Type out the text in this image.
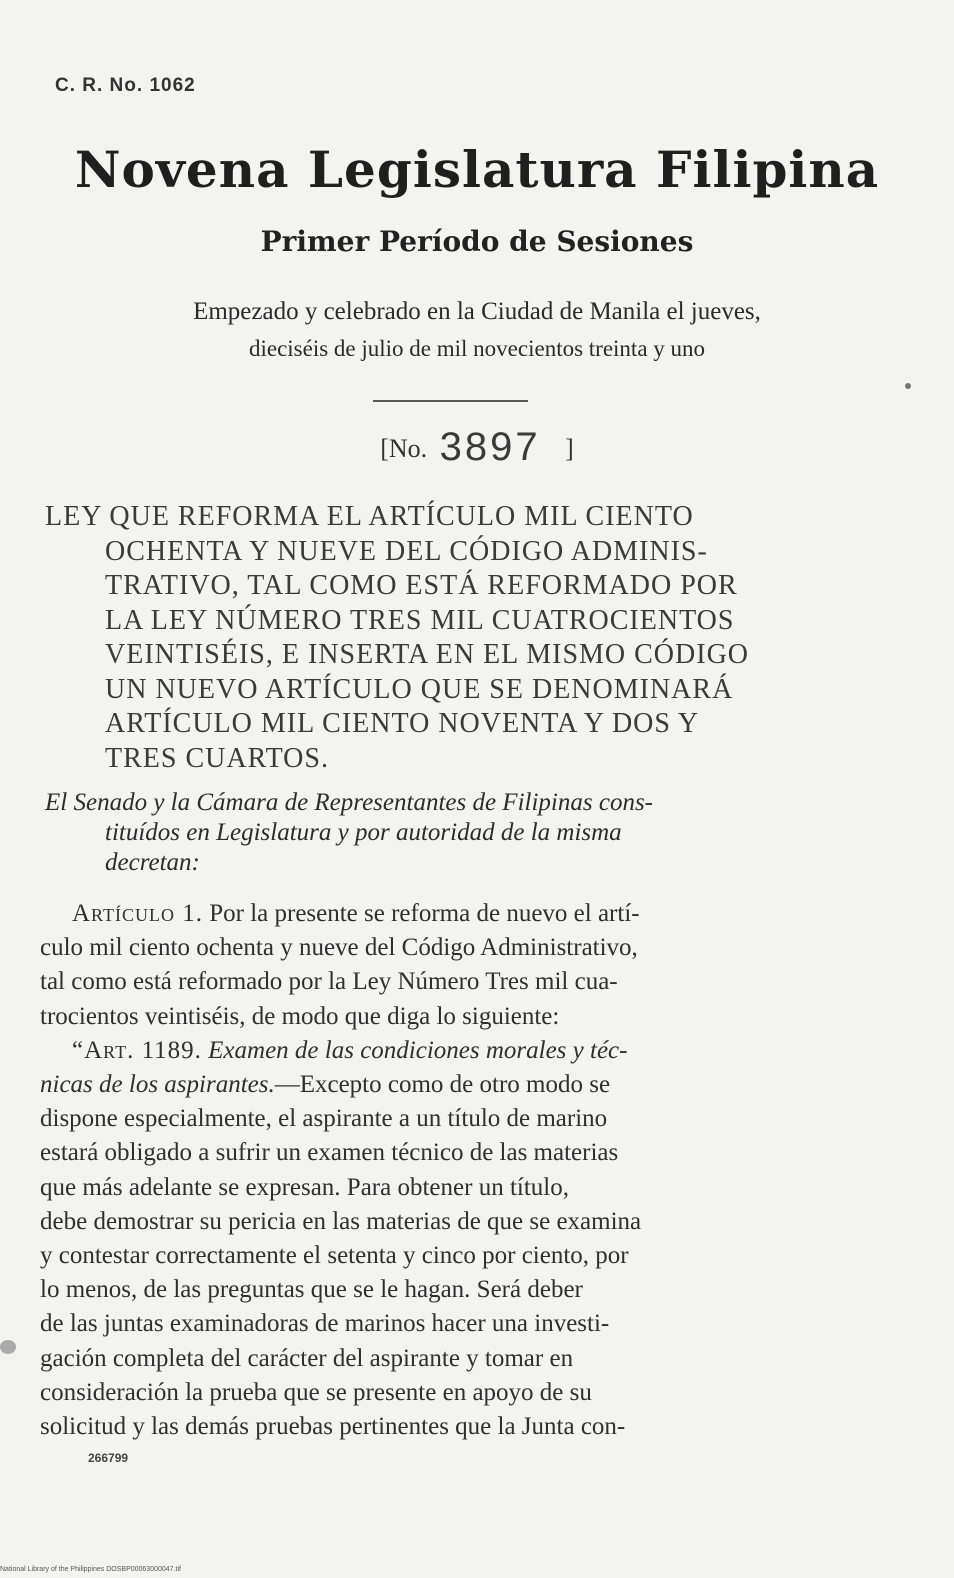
C. R. No. 1062
Novena Legislatura Filipina
Primer Período de Sesiones
Empezado y celebrado en la Ciudad de Manila el jueves,
dieciséis de julio de mil novecientos treinta y uno
[No. 3897 ]
LEY QUE REFORMA EL ARTÍCULO MIL CIENTO
OCHENTA Y NUEVE DEL CÓDIGO ADMINIS-
TRATIVO, TAL COMO ESTÁ REFORMADO POR
LA LEY NÚMERO TRES MIL CUATROCIENTOS
VEINTISÉIS, E INSERTA EN EL MISMO CÓDIGO
UN NUEVO ARTÍCULO QUE SE DENOMINARÁ
ARTÍCULO MIL CIENTO NOVENTA Y DOS Y
TRES CUARTOS.
El Senado y la Cámara de Representantes de Filipinas cons-
tituídos en Legislatura y por autoridad de la misma
decretan:
Artículo 1. Por la presente se reforma de nuevo el artí-
culo mil ciento ochenta y nueve del Código Administrativo,
tal como está reformado por la Ley Número Tres mil cua-
trocientos veintiséis, de modo que diga lo siguiente:
“Art. 1189. Examen de las condiciones morales y téc-
nicas de los aspirantes.—Excepto como de otro modo se
dispone especialmente, el aspirante a un título de marino
estará obligado a sufrir un examen técnico de las materias
que más adelante se expresan. Para obtener un título,
debe demostrar su pericia en las materias de que se examina
y contestar correctamente el setenta y cinco por ciento, por
lo menos, de las preguntas que se le hagan. Será deber
de las juntas examinadoras de marinos hacer una investi-
gación completa del carácter del aspirante y tomar en
consideración la prueba que se presente en apoyo de su
solicitud y las demás pruebas pertinentes que la Junta con-
266799
National Library of the Philippines DOSBP00063000047.tif
